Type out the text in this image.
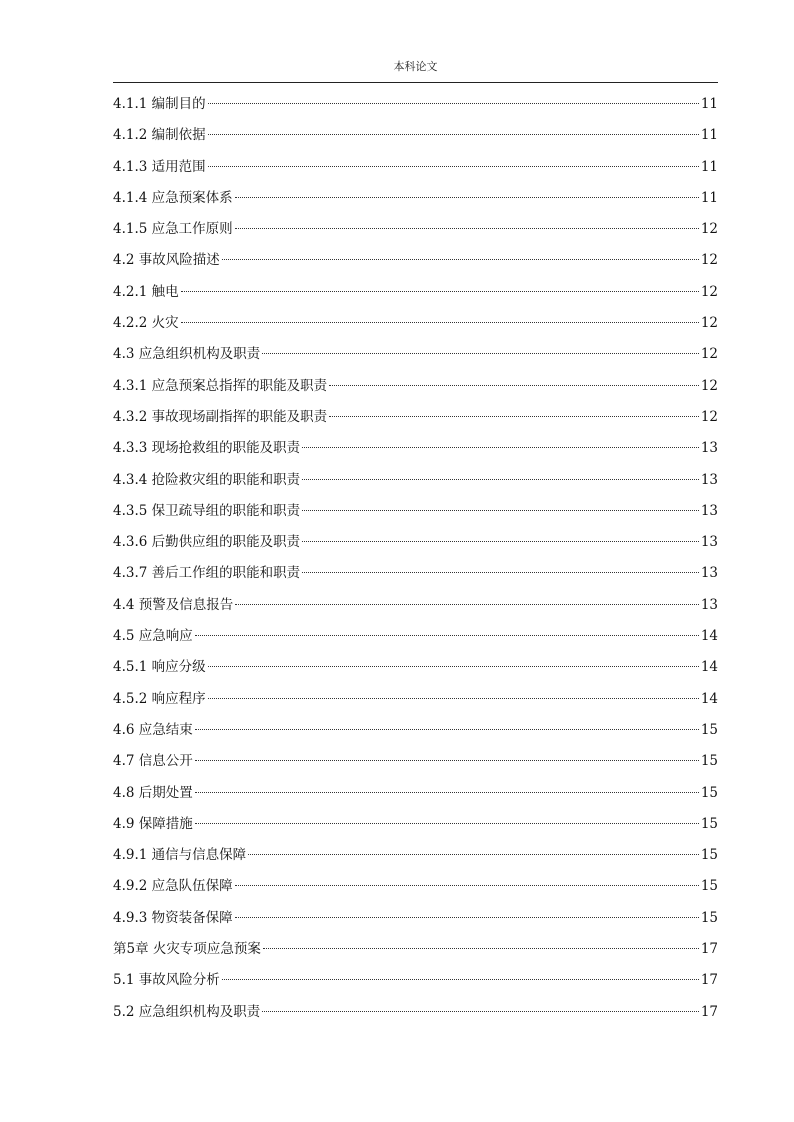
本科论文
4.1.1 编制目的	11
4.1.2 编制依据	11
4.1.3 适用范围	11
4.1.4 应急预案体系	11
4.1.5 应急工作原则	12
4.2 事故风险描述	12
4.2.1 触电	12
4.2.2 火灾	12
4.3 应急组织机构及职责	12
4.3.1 应急预案总指挥的职能及职责	12
4.3.2 事故现场副指挥的职能及职责	12
4.3.3 现场抢救组的职能及职责	13
4.3.4 抢险救灾组的职能和职责	13
4.3.5 保卫疏导组的职能和职责	13
4.3.6 后勤供应组的职能及职责	13
4.3.7 善后工作组的职能和职责	13
4.4 预警及信息报告	13
4.5 应急响应	14
4.5.1 响应分级	14
4.5.2 响应程序	14
4.6 应急结束	15
4.7 信息公开	15
4.8 后期处置	15
4.9 保障措施	15
4.9.1 通信与信息保障	15
4.9.2 应急队伍保障	15
4.9.3 物资装备保障	15
第5章 火灾专项应急预案	17
5.1 事故风险分析	17
5.2 应急组织机构及职责	17
